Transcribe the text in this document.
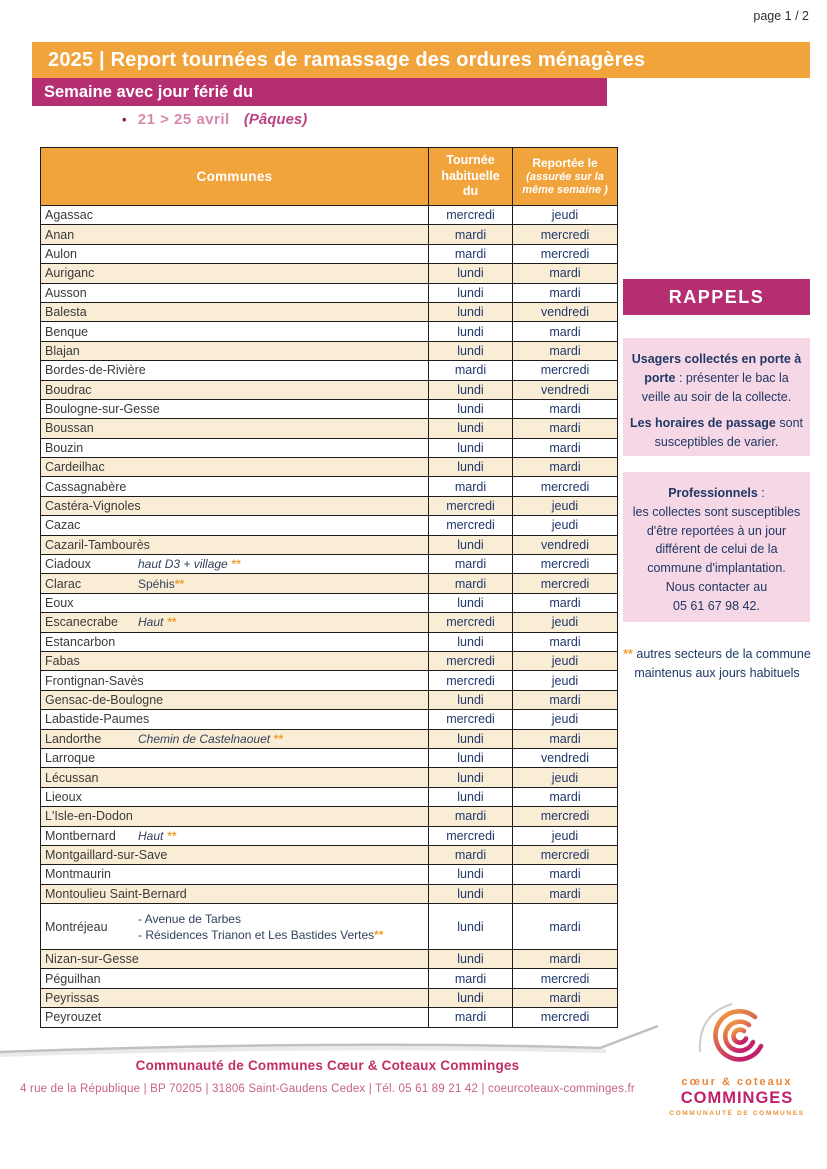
page 1 / 2
2025 | Report tournées de ramassage des ordures ménagères
Semaine avec jour férié du
• 21 > 25 avril (Pâques)
Communes	Tournée habituelle du	Reportée le
(assurée sur la même semaine )
Agassac	mercredi	jeudi
Anan	mardi	mercredi
Aulon	mardi	mercredi
Auriganc	lundi	mardi
Ausson	lundi	mardi
Balesta	lundi	vendredi
Benque	lundi	mardi
Blajan	lundi	mardi
Bordes-de-Rivière	mardi	mercredi
Boudrac	lundi	vendredi
Boulogne-sur-Gesse	lundi	mardi
Boussan	lundi	mardi
Bouzin	lundi	mardi
Cardeilhac	lundi	mardi
Cassagnabère	mardi	mercredi
Castéra-Vignoles	mercredi	jeudi
Cazac	mercredi	jeudi
Cazaril-Tambourès	lundi	vendredi
Ciadoux haut D3 + village **	mardi	mercredi
Clarac Spéhis**	mardi	mercredi
Eoux	lundi	mardi
Escanecrabe Haut **	mercredi	jeudi
Estancarbon	lundi	mardi
Fabas	mercredi	jeudi
Frontignan-Savès	mercredi	jeudi
Gensac-de-Boulogne	lundi	mardi
Labastide-Paumes	mercredi	jeudi
Landorthe Chemin de Castelnaouet **	lundi	mardi
Larroque	lundi	vendredi
Lécussan	lundi	jeudi
Lieoux	lundi	mardi
L'Isle-en-Dodon	mardi	mercredi
Montbernard Haut **	mercredi	jeudi
Montgaillard-sur-Save	mardi	mercredi
Montmaurin	lundi	mardi
Montoulieu Saint-Bernard	lundi	mardi
Montréjeau
- Avenue de Tarbes
- Résidences Trianon et Les Bastides Vertes**	lundi	mardi
Nizan-sur-Gesse	lundi	mardi
Péguilhan	mardi	mercredi
Peyrissas	lundi	mardi
Peyrouzet	mardi	mercredi
RAPPELS

Usagers collectés en porte à porte : présenter le bac la veille au soir de la collecte.

Les horaires de passage sont susceptibles de varier.

Professionnels :

les collectes sont susceptibles d'être reportées à un jour différent de celui de la commune d'implantation.

Nous contacter au

05 61 67 98 42.

** autres secteurs de la commune maintenus aux jours habituels
Communauté de Communes Cœur & Coteaux Comminges
4 rue de la République | BP 70205 | 31806 Saint-Gaudens Cedex | Tél. 05 61 89 21 42 | coeurcoteaux-comminges.fr
cœur & coteaux
COMMINGES
COMMUNAUTÉ DE COMMUNES
